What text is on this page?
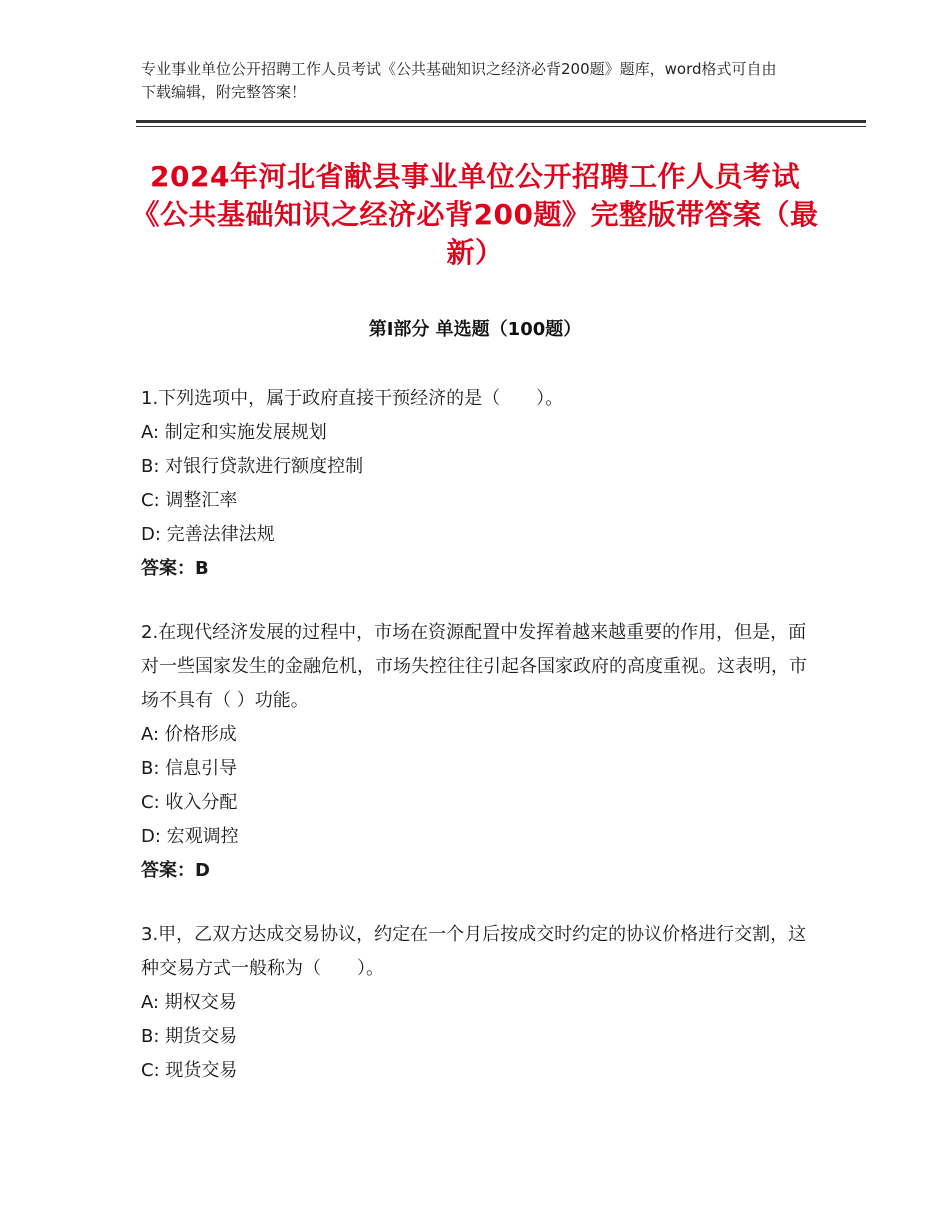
专业事业单位公开招聘工作人员考试《公共基础知识之经济必背200题》题库，word格式可自由下载编辑，附完整答案！
2024年河北省献县事业单位公开招聘工作人员考试《公共基础知识之经济必背200题》完整版带答案（最新）
第Ⅰ部分 单选题（100题）

1.下列选项中，属于政府直接干预经济的是（　　）。

A: 制定和实施发展规划

B: 对银行贷款进行额度控制

C: 调整汇率

D: 完善法律法规

答案：B

2.在现代经济发展的过程中，市场在资源配置中发挥着越来越重要的作用，但是，面对一些国家发生的金融危机，市场失控往往引起各国家政府的高度重视。这表明，市场不具有（ ）功能。

A: 价格形成

B: 信息引导

C: 收入分配

D: 宏观调控

答案：D

3.甲，乙双方达成交易协议，约定在一个月后按成交时约定的协议价格进行交割，这种交易方式一般称为（　　）。

A: 期权交易

B: 期货交易

C: 现货交易
